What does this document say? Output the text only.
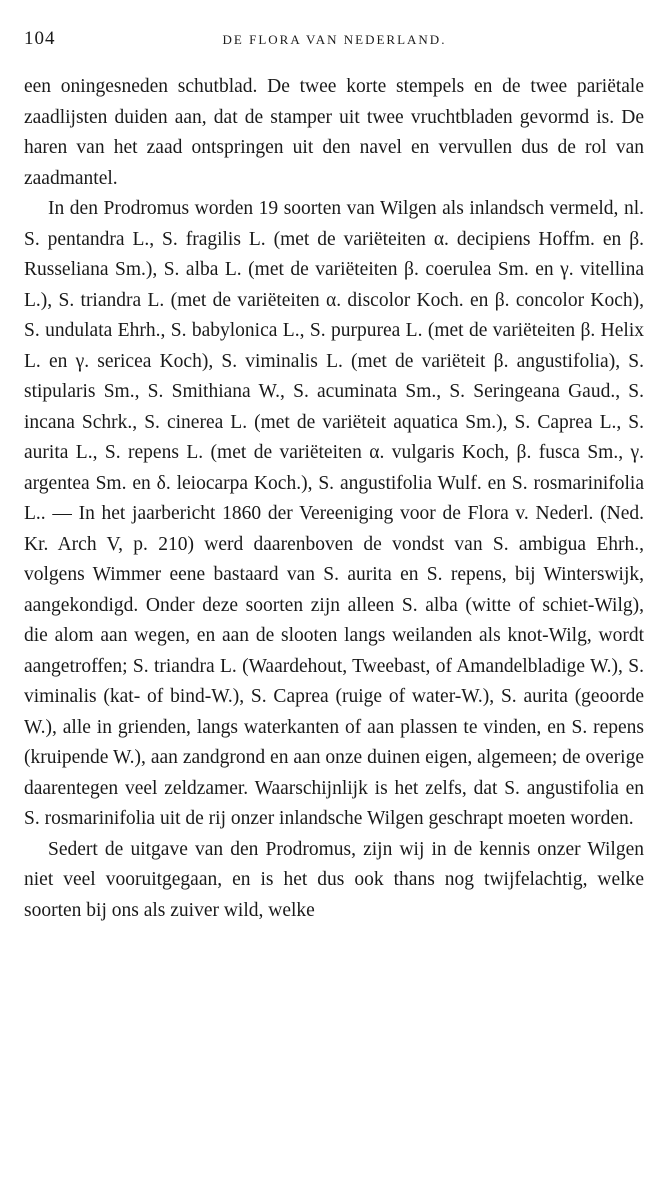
104	DE FLORA VAN NEDERLAND.

een oningesneden schutblad. De twee korte stempels en de twee pariëtale zaadlijsten duiden aan, dat de stamper uit twee vruchtbladen gevormd is. De haren van het zaad ontspringen uit den navel en vervullen dus de rol van zaadmantel.

In den Prodromus worden 19 soorten van Wilgen als inlandsch vermeld, nl. S. pentandra L., S. fragilis L. (met de variëteiten α. decipiens Hoffm. en β. Russeliana Sm.), S. alba L. (met de variëteiten β. coerulea Sm. en γ. vitellina L.), S. triandra L. (met de variëteiten α. discolor Koch. en β. concolor Koch), S. undulata Ehrh., S. babylonica L., S. purpurea L. (met de variëteiten β. Helix L. en γ. sericea Koch), S. viminalis L. (met de variëteit β. angustifolia), S. stipularis Sm., S. Smithiana W., S. acuminata Sm., S. Seringeana Gaud., S. incana Schrk., S. cinerea L. (met de variëteit aquatica Sm.), S. Caprea L., S. aurita L., S. repens L. (met de variëteiten α. vulgaris Koch, β. fusca Sm., γ. argentea Sm. en δ. leiocarpa Koch.), S. angustifolia Wulf. en S. rosmarinifolia L.. — In het jaarbericht 1860 der Vereeniging voor de Flora v. Nederl. (Ned. Kr. Arch V, p. 210) werd daarenboven de vondst van S. ambigua Ehrh., volgens Wimmer eene bastaard van S. aurita en S. repens, bij Winterswijk, aangekondigd. Onder deze soorten zijn alleen S. alba (witte of schiet-Wilg), die alom aan wegen, en aan de slooten langs weilanden als knot-Wilg, wordt aangetroffen; S. triandra L. (Waardehout, Tweebast, of Amandelbladige W.), S. viminalis (kat- of bind-W.), S. Caprea (ruige of water-W.), S. aurita (geoorde W.), alle in grienden, langs waterkanten of aan plassen te vinden, en S. repens (kruipende W.), aan zandgrond en aan onze duinen eigen, algemeen; de overige daarentegen veel zeldzamer. Waarschijnlijk is het zelfs, dat S. angustifolia en S. rosmarinifolia uit de rij onzer inlandsche Wilgen geschrapt moeten worden.

Sedert de uitgave van den Prodromus, zijn wij in de kennis onzer Wilgen niet veel vooruitgegaan, en is het dus ook thans nog twijfelachtig, welke soorten bij ons als zuiver wild, welke
